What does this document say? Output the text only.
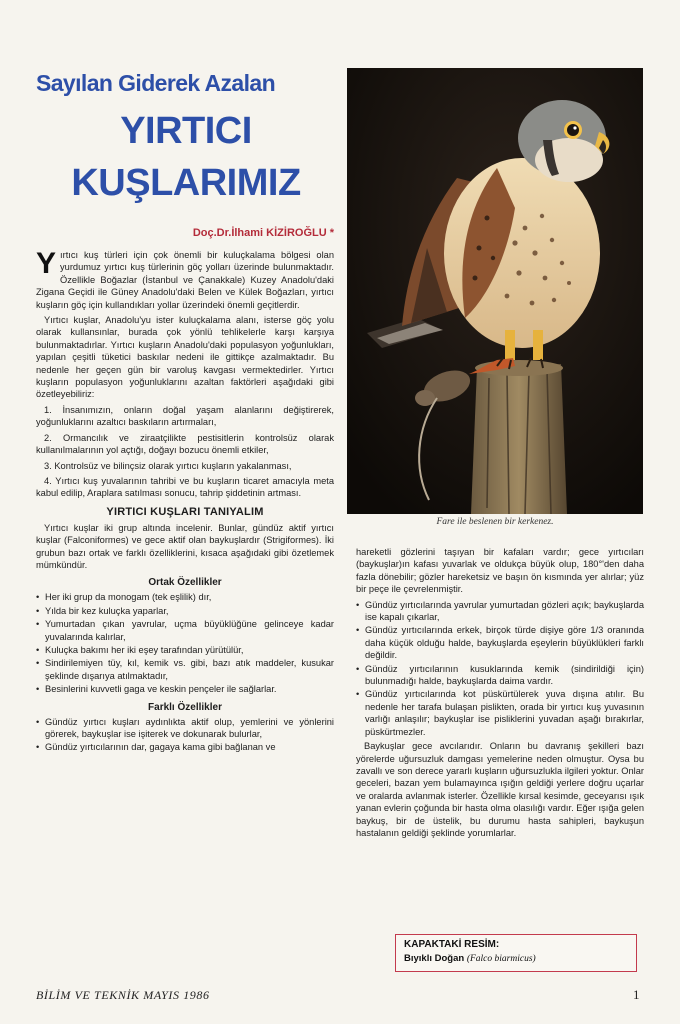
Sayılan Giderek Azalan
YIRTICI
KUŞLARIMIZ
Doç.Dr.İlhami KİZİROĞLU *

Yırtıcı kuş türleri için çok önemli bir kuluçkalama bölgesi olan yurdumuz yırtıcı kuş türlerinin göç yolları üzerinde bulunmaktadır. Özellikle Boğazlar (İstanbul ve Çanakkale) Kuzey Anadolu'daki Zigana Geçidi ile Güney Anadolu'daki Belen ve Külek Boğazları, yırtıcı kuşların göç için kullandıkları yollar üzerindeki önemli geçitlerdir.

Yırtıcı kuşlar, Anadolu'yu ister kuluçkalama alanı, isterse göç yolu olarak kullansınlar, burada çok yönlü tehlikelerle karşı karşıya bulunmaktadırlar. Yırtıcı kuşların Anadolu'daki populasyon yoğunlukları, yapılan çeşitli tüketici baskılar nedeni ile gittikçe azalmaktadır. Bu nedenle her geçen gün bir varoluş kavgası vermektedirler. Yırtıcı kuşların populasyon yoğunluklarını azaltan faktörleri aşağıdaki gibi özetleyebiliriz:

1. İnsanımızın, onların doğal yaşam alanlarını değiştirerek, yoğunluklarını azaltıcı baskıların artırmaları,

2. Ormancılık ve ziraatçilikte pestisitlerin kontrolsüz olarak kullanılmalarının yol açtığı, doğayı bozucu önemli etkiler,

3. Kontrolsüz ve bilinçsiz olarak yırtıcı kuşların yakalanması,

4. Yırtıcı kuş yuvalarının tahribi ve bu kuşların ticaret amacıyla meta kabul edilip, Araplara satılması sonucu, tahrip şiddetinin artması.

YIRTICI KUŞLARI TANIYALIM

Yırtıcı kuşlar iki grup altında incelenir. Bunlar, gündüz aktif yırtıcı kuşlar (Falconiformes) ve gece aktif olan baykuşlardır (Strigiformes). İki grubun bazı ortak ve farklı özelliklerini, kısaca aşağıdaki gibi özetlemek mümkündür.

Ortak Özellikler
• Her iki grup da monogam (tek eşlilik) dır,
• Yılda bir kez kuluçka yaparlar,
• Yumurtadan çıkan yavrular, uçma büyüklüğüne gelinceye kadar yuvalarında kalırlar,
• Kuluçka bakımı her iki eşey tarafından yürütülür,
• Sindirilemiyen tüy, kıl, kemik vs. gibi, bazı atık maddeler, kusukar şeklinde dışarıya atılmaktadır,
• Besinlerini kuvvetli gaga ve keskin pençeler ile sağlarlar.
Farklı Özellikler
• Gündüz yırtıcı kuşları aydınlıkta aktif olup, yemlerini ve yönlerini görerek, baykuşlar ise işiterek ve dokunarak bulurlar,
• Gündüz yırtıcılarının dar, gagaya kama gibi bağlanan ve
Fare ile beslenen bir kerkenez.

hareketli gözlerini taşıyan bir kafaları vardır; gece yırtıcıları (baykuşlar)ın kafası yuvarlak ve oldukça büyük olup, 180°'den daha fazla dönebilir; gözler hareketsiz ve başın ön kısmında yer alırlar; yüz bir peçe ile çevrelenmiştir.

• Gündüz yırtıcılarında yavrular yumurtadan gözleri açık; baykuşlarda ise kapalı çıkarlar,
• Gündüz yırtıcılarında erkek, birçok türde dişiye göre 1/3 oranında daha küçük olduğu halde, baykuşlarda eşeylerin büyüklükleri farklı değildir.
• Gündüz yırtıcılarının kusuklarında kemik (sindirildiği için) bulunmadığı halde, baykuşlarda daima vardır.
• Gündüz yırtıcılarında kot püskürtülerek yuva dışına atılır. Bu nedenle her tarafa bulaşan pislikten, orada bir yırtıcı kuş yuvasının varlığı anlaşılır; baykuşlar ise pisliklerini yuvadan aşağı bırakırlar, püskürtmezler.

Baykuşlar gece avcılarıdır. Onların bu davranış şekilleri bazı yörelerde uğursuzluk damgası yemelerine neden olmuştur. Oysa bu zavallı ve son derece yararlı kuşların uğursuzlukla ilgileri yoktur. Onlar geceleri, bazan yem bulamayınca ışığın geldiği yerlere doğru uçarlar ve oralarda avlanmak isterler. Özellikle kırsal kesimde, geceyarısı ışık yanan evlerin çoğunda bir hasta olma olasılığı vardır. Eğer ışığa gelen baykuş, bir de üstelik, bu durumu hasta sahipleri, baykuşun hastalanın geldiği şeklinde yorumlarlar.

KAPAKTAKİ RESİM:
Bıyıklı Doğan (Falco biarmicus)
BİLİM VE TEKNİK MAYIS 1986	1
